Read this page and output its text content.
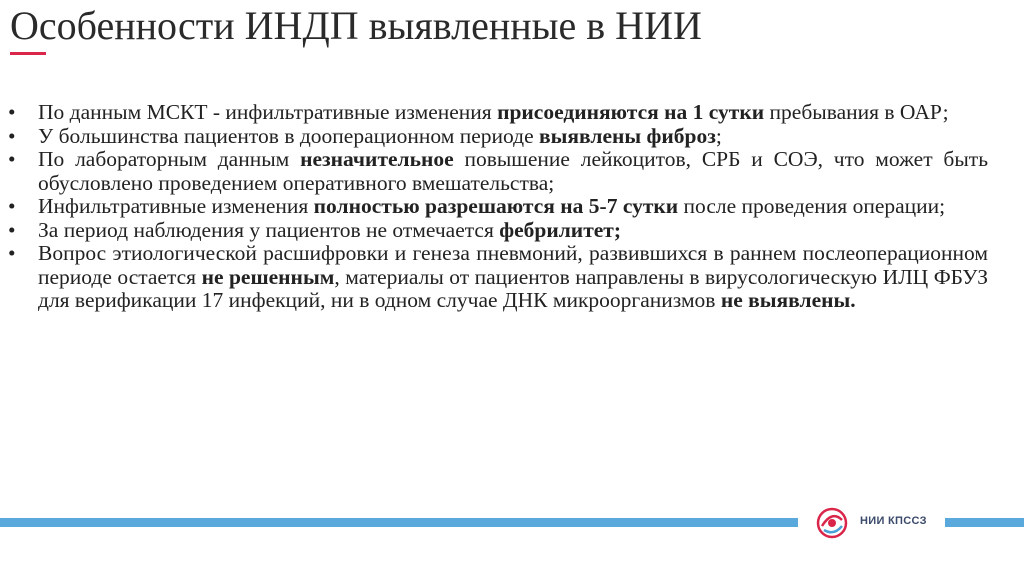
Особенности ИНДП выявленные в НИИ
• По данным МСКТ - инфильтративные изменения присоединяются на 1 сутки пребывания в ОАР;
• У большинства пациентов в дооперационном периоде выявлены фиброз;
• По лабораторным данным незначительное повышение лейкоцитов, СРБ и СОЭ, что может быть обусловлено проведением оперативного вмешательства;
• Инфильтративные изменения полностью разрешаются на 5-7 сутки после проведения операции;
• За период наблюдения у пациентов не отмечается фебрилитет;
• Вопрос этиологической расшифровки и генеза пневмоний, развившихся в раннем послеоперационном периоде остается не решенным, материалы от пациентов направлены в вирусологическую ИЛЦ ФБУЗ для верификации 17 инфекций, ни в одном случае ДНК микроорганизмов не выявлены.
НИИ КПССЗ
